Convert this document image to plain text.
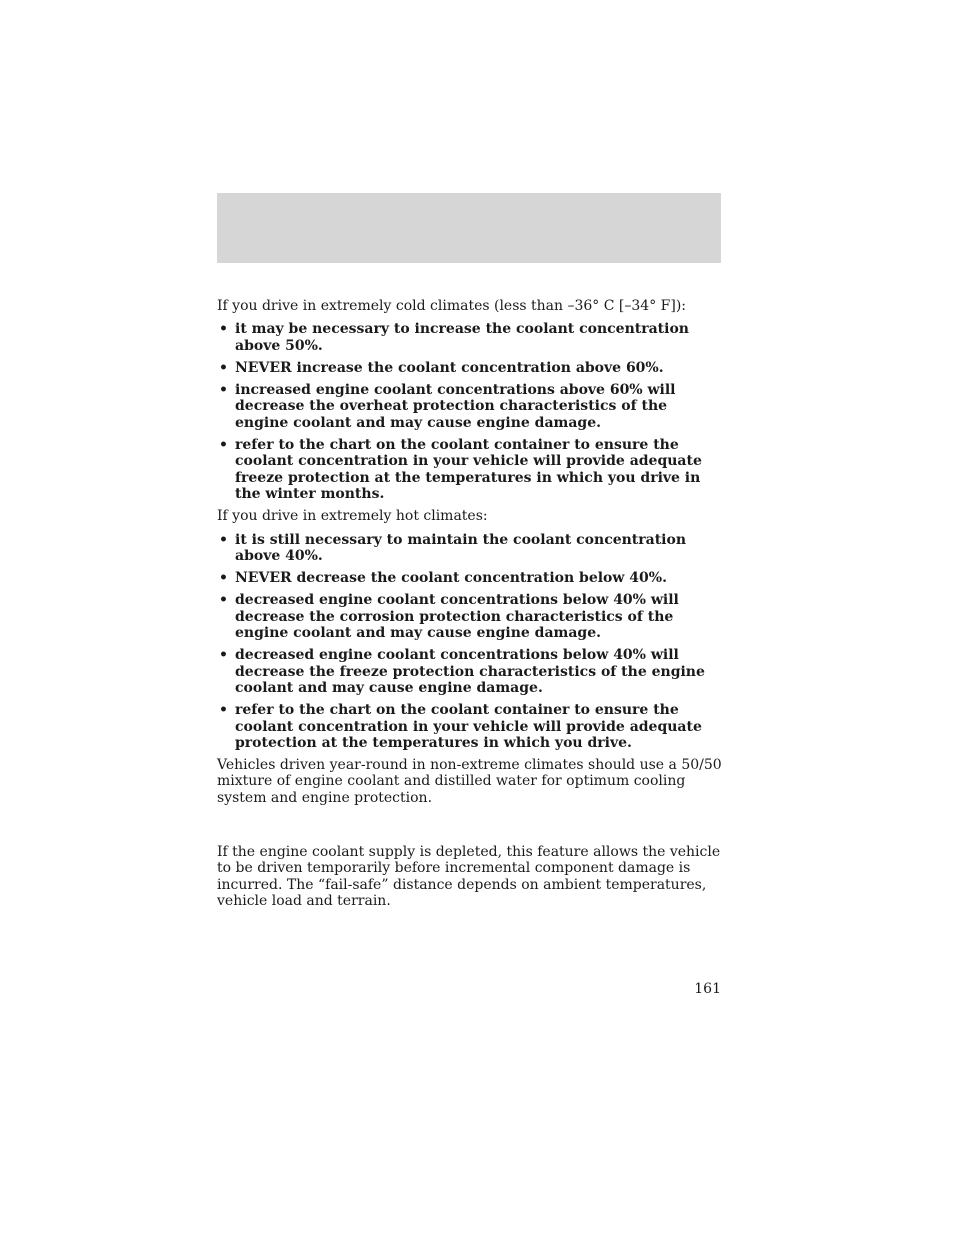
If you drive in extremely cold climates (less than –36° C [–34° F]):

• it may be necessary to increase the coolant concentration above 50%.
• NEVER increase the coolant concentration above 60%.
• increased engine coolant concentrations above 60% will decrease the overheat protection characteristics of the engine coolant and may cause engine damage.
• refer to the chart on the coolant container to ensure the coolant concentration in your vehicle will provide adequate freeze protection at the temperatures in which you drive in the winter months.

If you drive in extremely hot climates:

• it is still necessary to maintain the coolant concentration above 40%.
• NEVER decrease the coolant concentration below 40%.
• decreased engine coolant concentrations below 40% will decrease the corrosion protection characteristics of the engine coolant and may cause engine damage.
• decreased engine coolant concentrations below 40% will decrease the freeze protection characteristics of the engine coolant and may cause engine damage.
• refer to the chart on the coolant container to ensure the coolant concentration in your vehicle will provide adequate protection at the temperatures in which you drive.

Vehicles driven year-round in non-extreme climates should use a 50/50 mixture of engine coolant and distilled water for optimum cooling system and engine protection.

If the engine coolant supply is depleted, this feature allows the vehicle to be driven temporarily before incremental component damage is incurred. The “fail-safe” distance depends on ambient temperatures, vehicle load and terrain.

161
